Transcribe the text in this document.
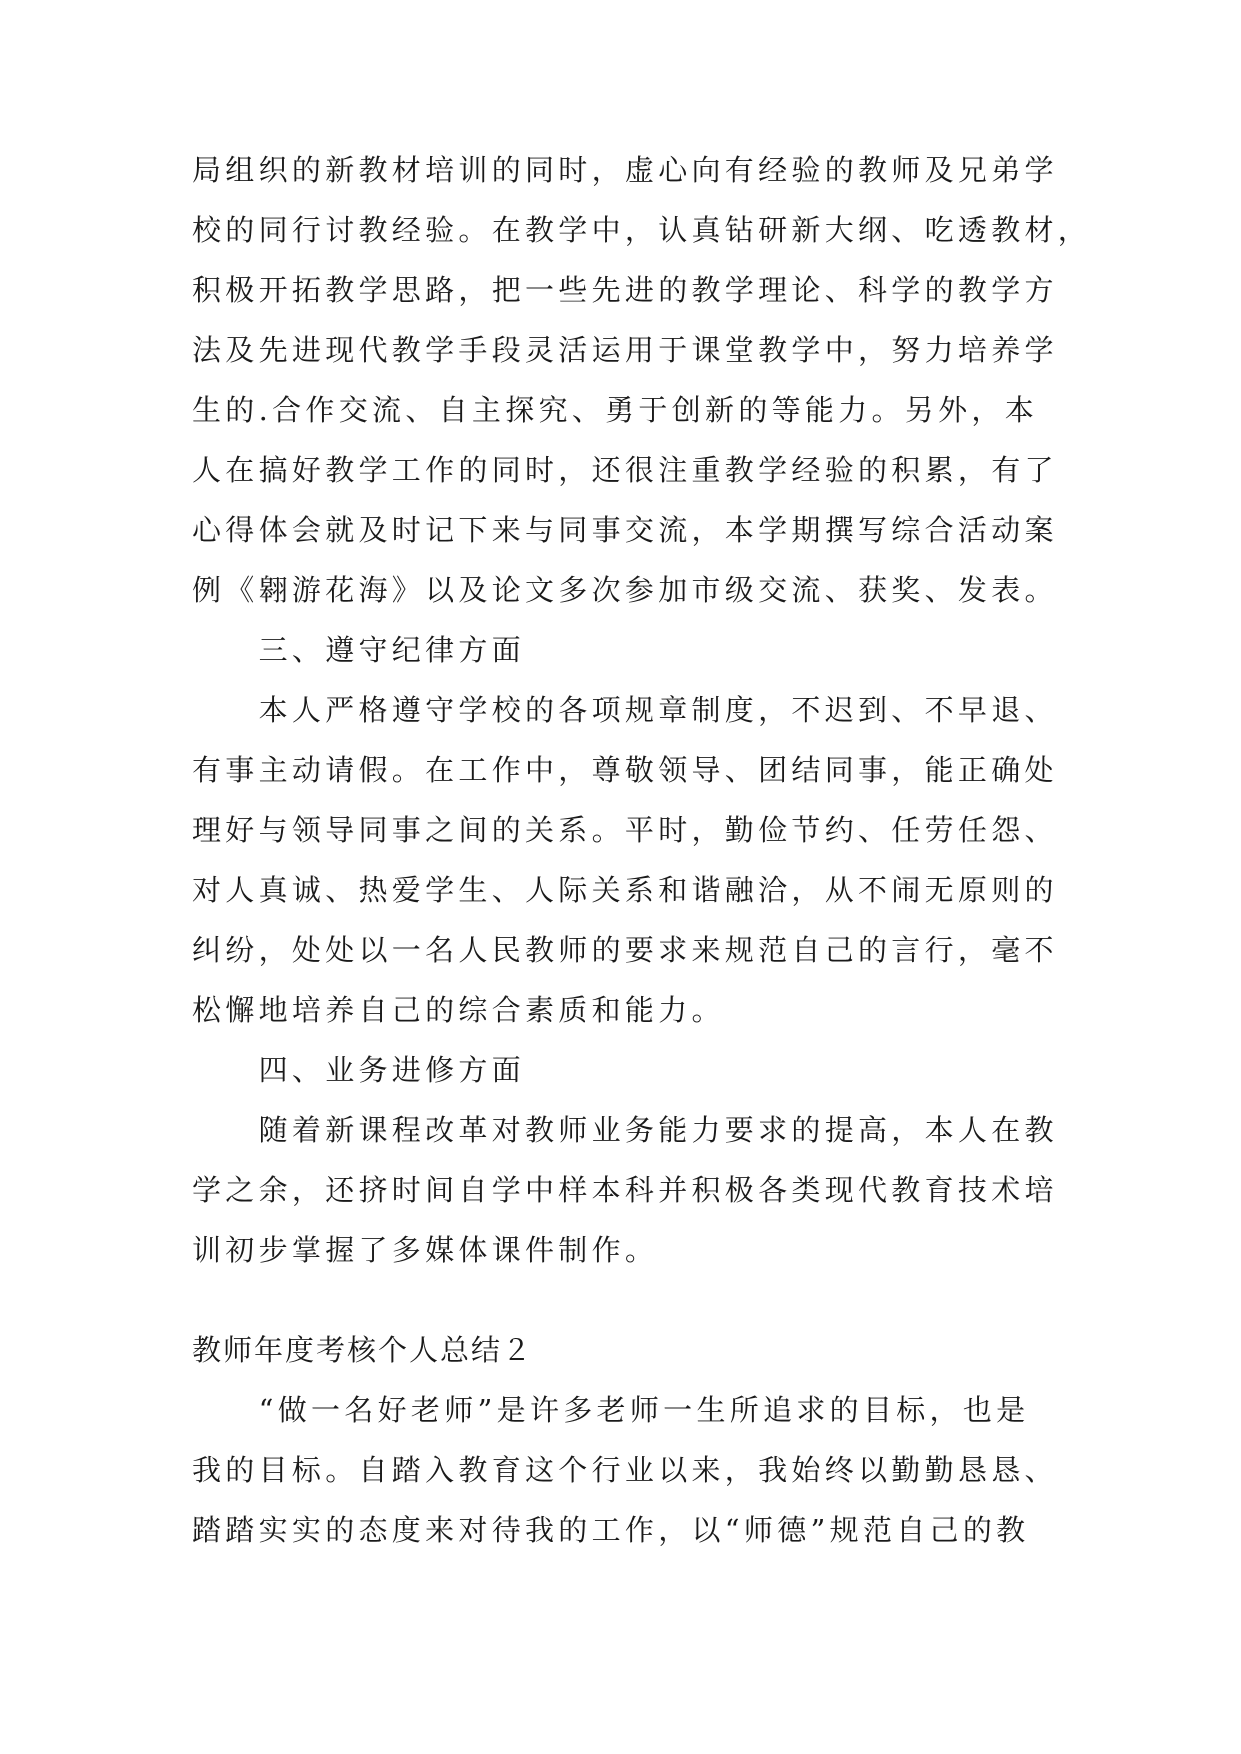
局组织的新教材培训的同时，虚心向有经验的教师及兄弟学
校的同行讨教经验。在教学中，认真钻研新大纲、吃透教材，
积极开拓教学思路，把一些先进的教学理论、科学的教学方
法及先进现代教学手段灵活运用于课堂教学中，努力培养学
生的.合作交流、自主探究、勇于创新的等能力。另外，本
人在搞好教学工作的同时，还很注重教学经验的积累，有了
心得体会就及时记下来与同事交流，本学期撰写综合活动案
例《翱游花海》以及论文多次参加市级交流、获奖、发表。
　　三、遵守纪律方面
　　本人严格遵守学校的各项规章制度，不迟到、不早退、
有事主动请假。在工作中，尊敬领导、团结同事，能正确处
理好与领导同事之间的关系。平时，勤俭节约、任劳任怨、
对人真诚、热爱学生、人际关系和谐融洽，从不闹无原则的
纠纷，处处以一名人民教师的要求来规范自己的言行，毫不
松懈地培养自己的综合素质和能力。
　　四、业务进修方面
　　随着新课程改革对教师业务能力要求的提高，本人在教
学之余，还挤时间自学中样本科并积极各类现代教育技术培
训初步掌握了多媒体课件制作。
教师年度考核个人总结２
　　“做一名好老师”是许多老师一生所追求的目标，也是
我的目标。自踏入教育这个行业以来，我始终以勤勤恳恳、
踏踏实实的态度来对待我的工作，以“师德”规范自己的教
